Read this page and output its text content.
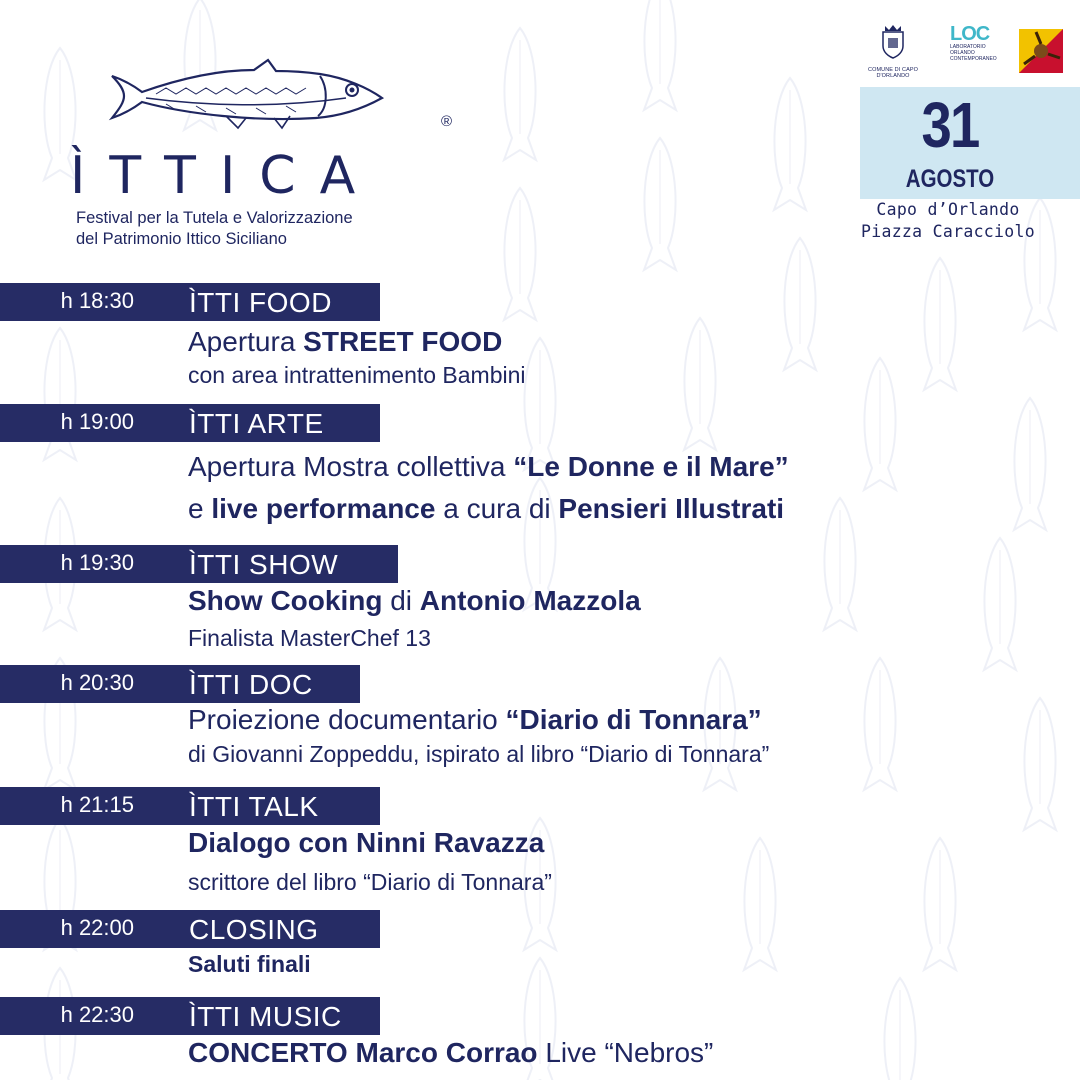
®
ÌTTICA
Festival per la Tutela e Valorizzazione
del Patrimonio Ittico Siciliano
COMUNE DI CAPO D'ORLANDO
LOC
LABORATORIO
ORLANDO
CONTEMPORANEO
31
AGOSTO
Capo d’Orlando
Piazza Caracciolo
h 18:30 ÌTTI FOOD
Apertura STREET FOOD
con area intrattenimento Bambini
h 19:00 ÌTTI ARTE
Apertura Mostra collettiva “Le Donne e il Mare”
e live performance a cura di Pensieri Illustrati
h 19:30 ÌTTI SHOW
Show Cooking di Antonio Mazzola
Finalista MasterChef 13
h 20:30 ÌTTI DOC
Proiezione documentario “Diario di Tonnara”
di Giovanni Zoppeddu, ispirato al libro “Diario di Tonnara”
h 21:15 ÌTTI TALK
Dialogo con Ninni Ravazza
scrittore del libro “Diario di Tonnara”
h 22:00 CLOSING
Saluti finali
h 22:30 ÌTTI MUSIC
CONCERTO Marco Corrao Live “Nebros”
